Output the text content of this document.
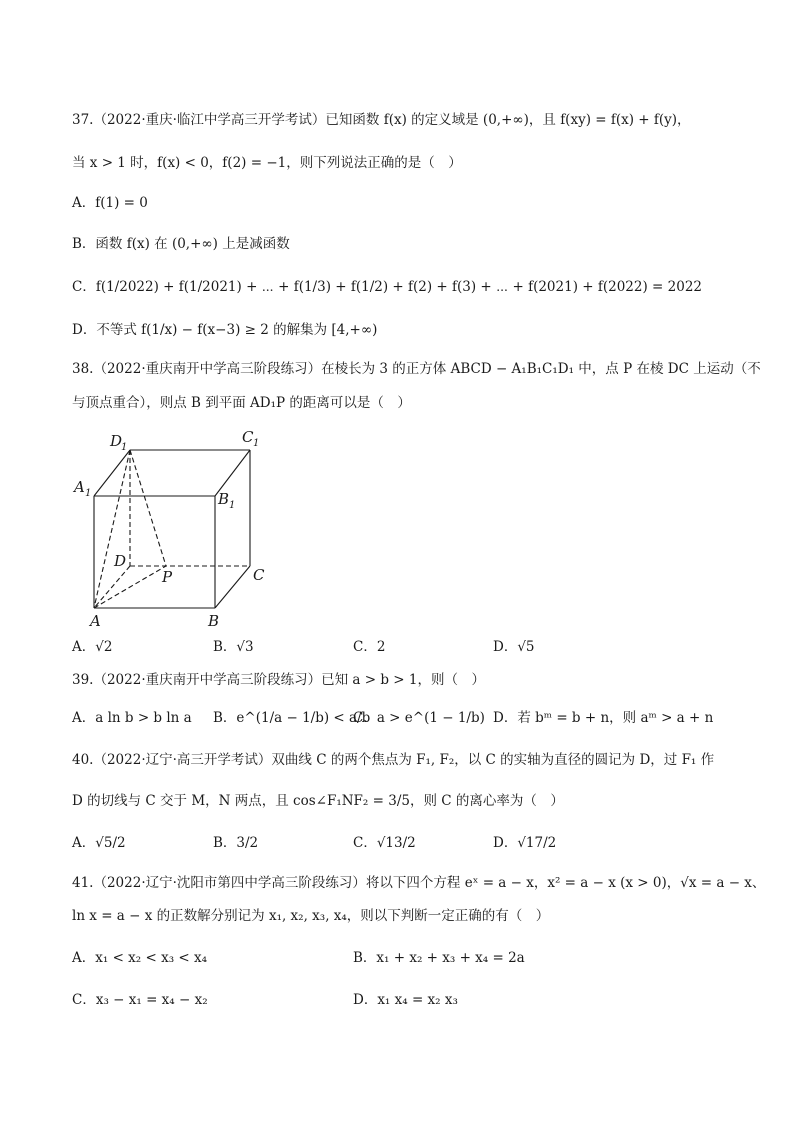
37.（2022·重庆·临江中学高三开学考试）已知函数 f(x) 的定义域是 (0,+∞)，且 f(xy) = f(x) + f(y)，
当 x > 1 时，f(x) < 0，f(2) = −1，则下列说法正确的是（　）
A．f(1) = 0
B．函数 f(x) 在 (0,+∞) 上是减函数
C．f(1/2022) + f(1/2021) + ⋯ + f(1/3) + f(1/2) + f(2) + f(3) + ⋯ + f(2021) + f(2022) = 2022
D．不等式 f(1/x) − f(x−3) ≥ 2 的解集为 [4,+∞)
38.（2022·重庆南开中学高三阶段练习）在棱长为 3 的正方体 ABCD − A₁B₁C₁D₁ 中，点 P 在棱 DC 上运动（不
与顶点重合），则点 B 到平面 AD₁P 的距离可以是（　）
D
1
C 1
A 1	B 1
D
P	C
A	B
A．√2	B．√3	C．2	D．√5
39.（2022·重庆南开中学高三阶段练习）已知 a > b > 1，则（　）
A．a ln b > b ln a B．e^(1/a − 1/b) < a/b
C．a > e^(1 − 1/b) D．若 bᵐ = b + n，则 aᵐ > a + n
40.（2022·辽宁·高三开学考试）双曲线 C 的两个焦点为 F₁, F₂，以 C 的实轴为直径的圆记为 D，过 F₁ 作
D 的切线与 C 交于 M，N 两点，且 cos∠F₁NF₂ = 3/5，则 C 的离心率为（　）
A．√5/2	B．3/2	C．√13/2	D．√17/2
41.（2022·辽宁·沈阳市第四中学高三阶段练习）将以下四个方程 eˣ = a − x，x² = a − x (x > 0)，√x = a − x、
ln x = a − x 的正数解分别记为 x₁, x₂, x₃, x₄，则以下判断一定正确的有（　）
A．x₁ < x₂ < x₃ < x₄	B．x₁ + x₂ + x₃ + x₄ = 2a
C．x₃ − x₁ = x₄ − x₂	D．x₁ x₄ = x₂ x₃
